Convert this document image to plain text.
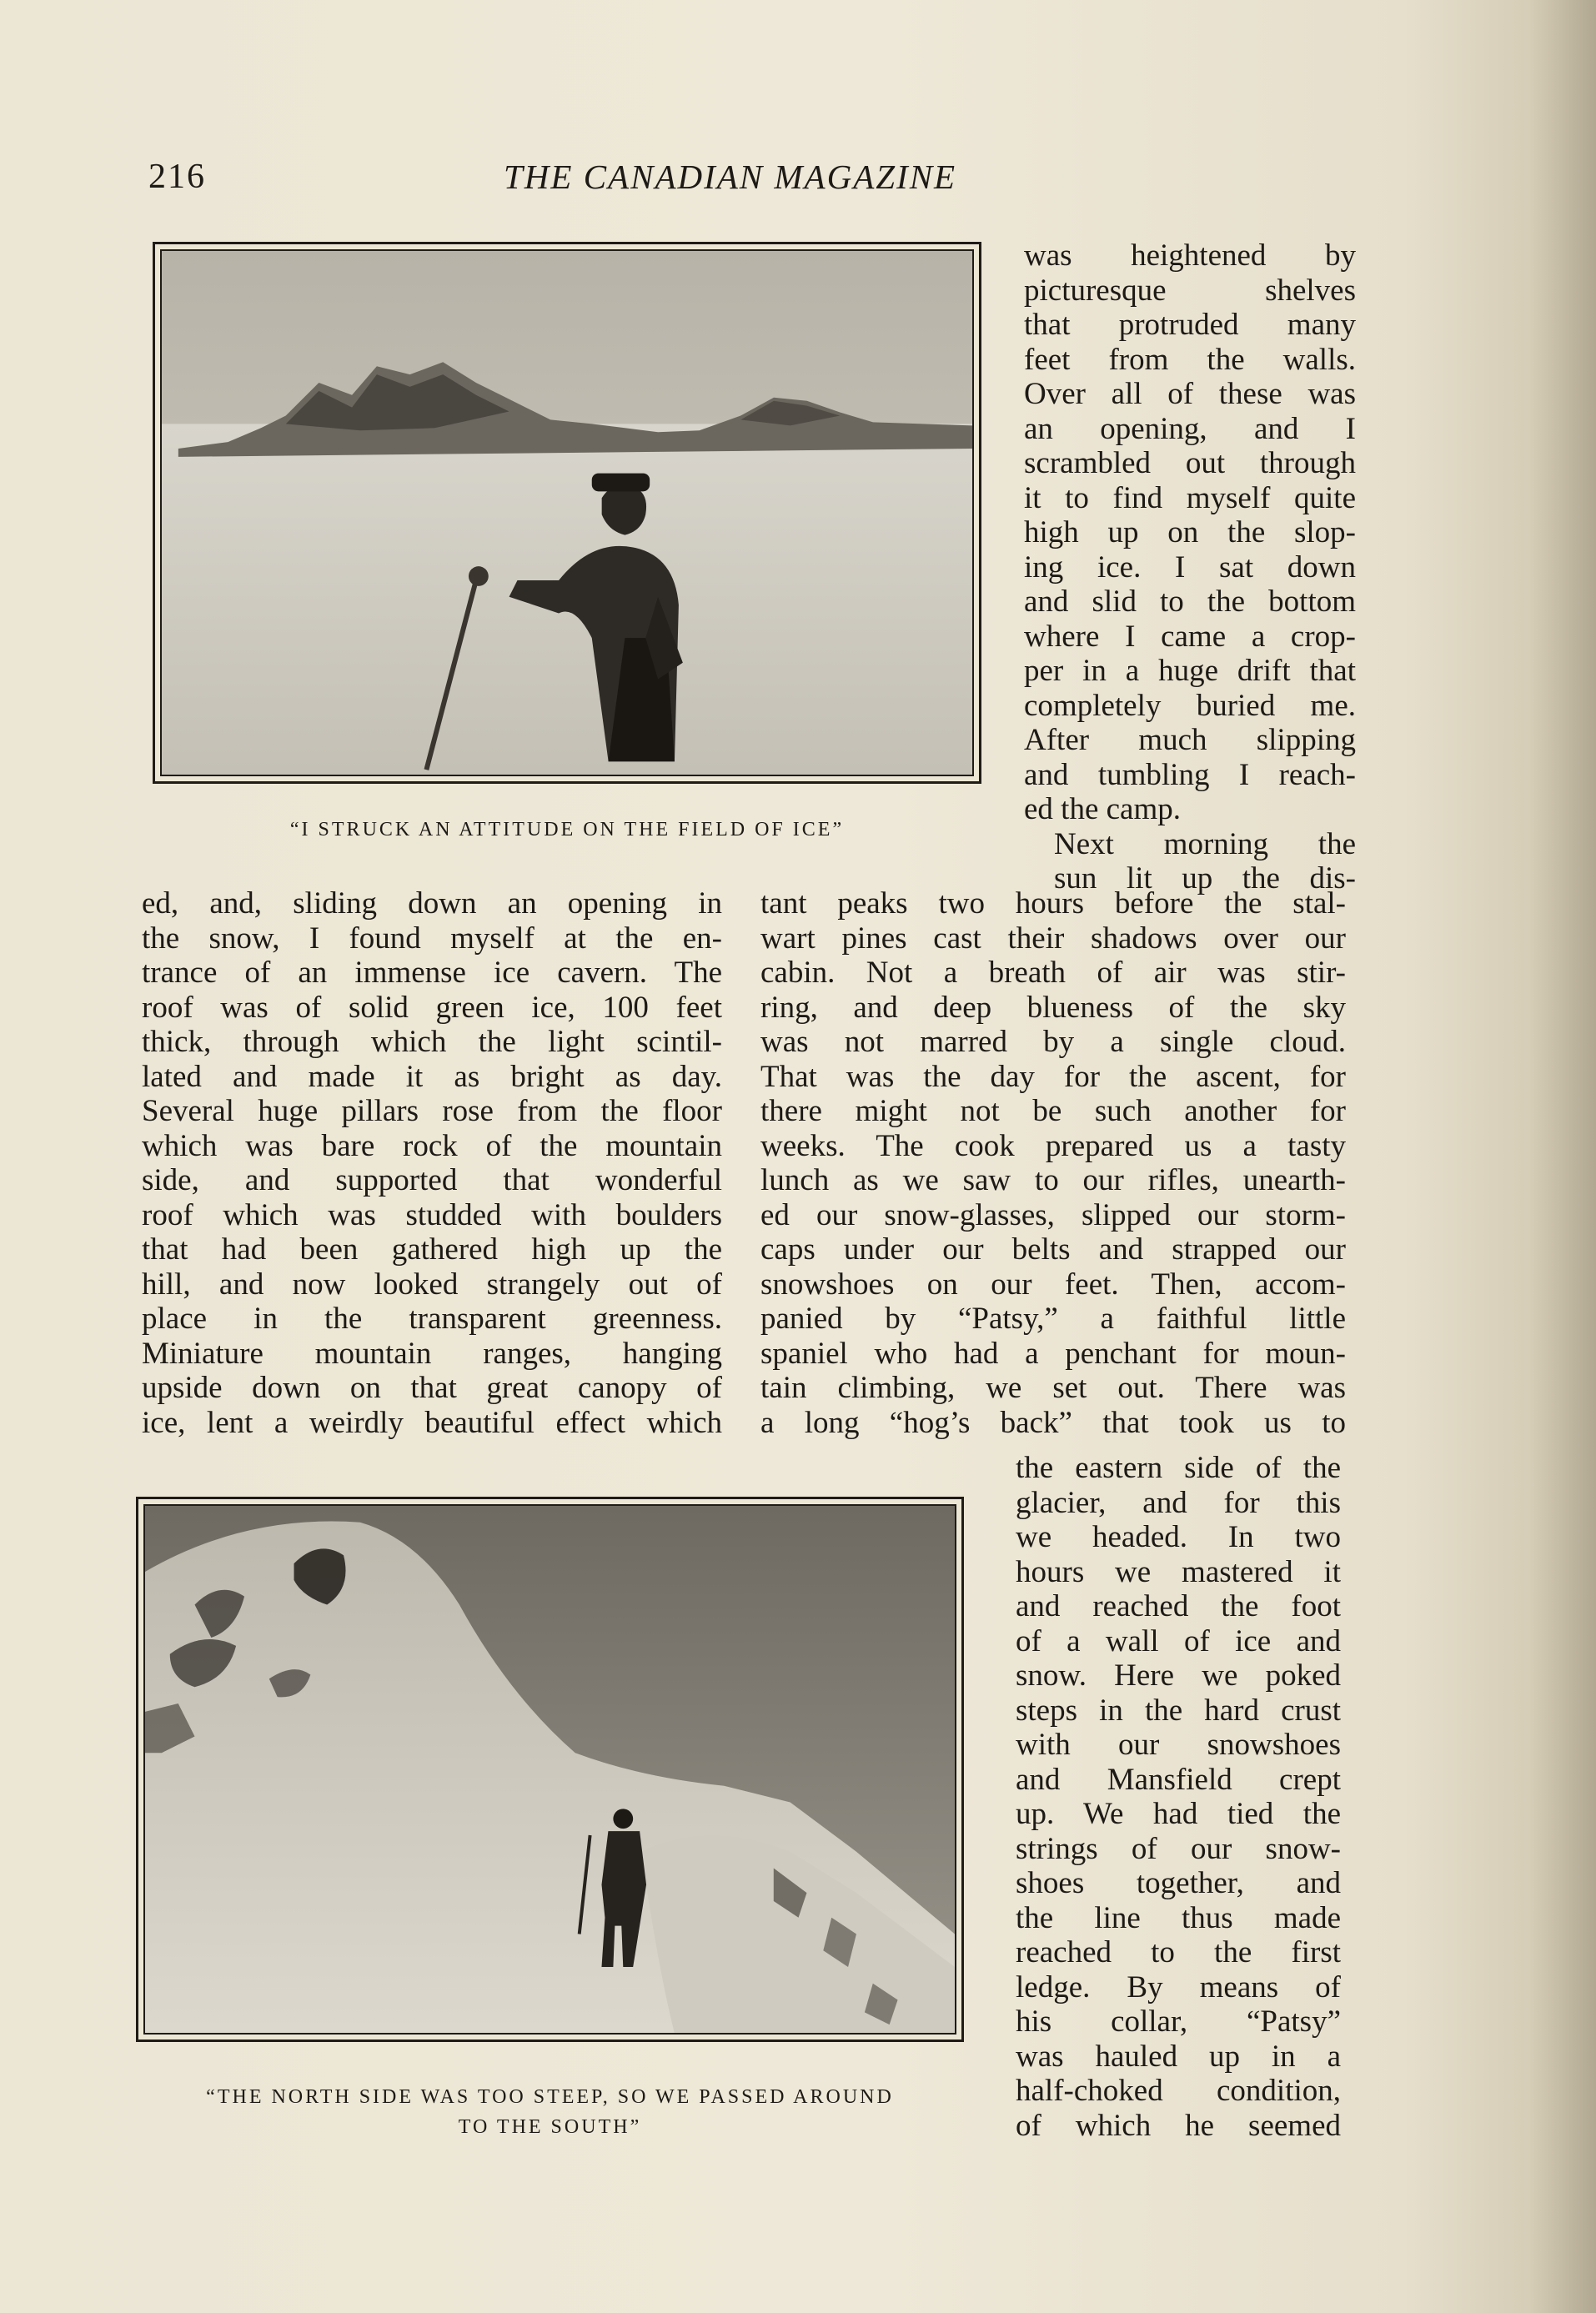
216	THE CANADIAN MAGAZINE
“I STRUCK AN ATTITUDE ON THE FIELD OF ICE”
was heightened by
picturesque shelves
that protruded many
feet from the walls.
Over all of these was
an opening, and I
scrambled out through
it to find myself quite
high up on the slop-
ing ice. I sat down
and slid to the bottom
where I came a crop-
per in a huge drift that
completely buried me.
After much slipping
and tumbling I reach-
ed the camp.
Next morning the
sun lit up the dis-
ed, and, sliding down an opening in
the snow, I found myself at the en-
trance of an immense ice cavern. The
roof was of solid green ice, 100 feet
thick, through which the light scintil-
lated and made it as bright as day.
Several huge pillars rose from the floor
which was bare rock of the mountain
side, and supported that wonderful
roof which was studded with boulders
that had been gathered high up the
hill, and now looked strangely out of
place in the transparent greenness.
Miniature mountain ranges, hanging
upside down on that great canopy of
ice, lent a weirdly beautiful effect which
tant peaks two hours before the stal-
wart pines cast their shadows over our
cabin. Not a breath of air was stir-
ring, and deep blueness of the sky
was not marred by a single cloud.
That was the day for the ascent, for
there might not be such another for
weeks. The cook prepared us a tasty
lunch as we saw to our rifles, unearth-
ed our snow-glasses, slipped our storm-
caps under our belts and strapped our
snowshoes on our feet. Then, accom-
panied by “Patsy,” a faithful little
spaniel who had a penchant for moun-
tain climbing, we set out. There was
a long “hog’s back” that took us to
“THE NORTH SIDE WAS TOO STEEP, SO WE PASSED AROUND
TO THE SOUTH”
the eastern side of the
glacier, and for this
we headed. In two
hours we mastered it
and reached the foot
of a wall of ice and
snow. Here we poked
steps in the hard crust
with our snowshoes
and Mansfield crept
up. We had tied the
strings of our snow-
shoes together, and
the line thus made
reached to the first
ledge. By means of
his collar, “Patsy”
was hauled up in a
half-choked condition,
of which he seemed
